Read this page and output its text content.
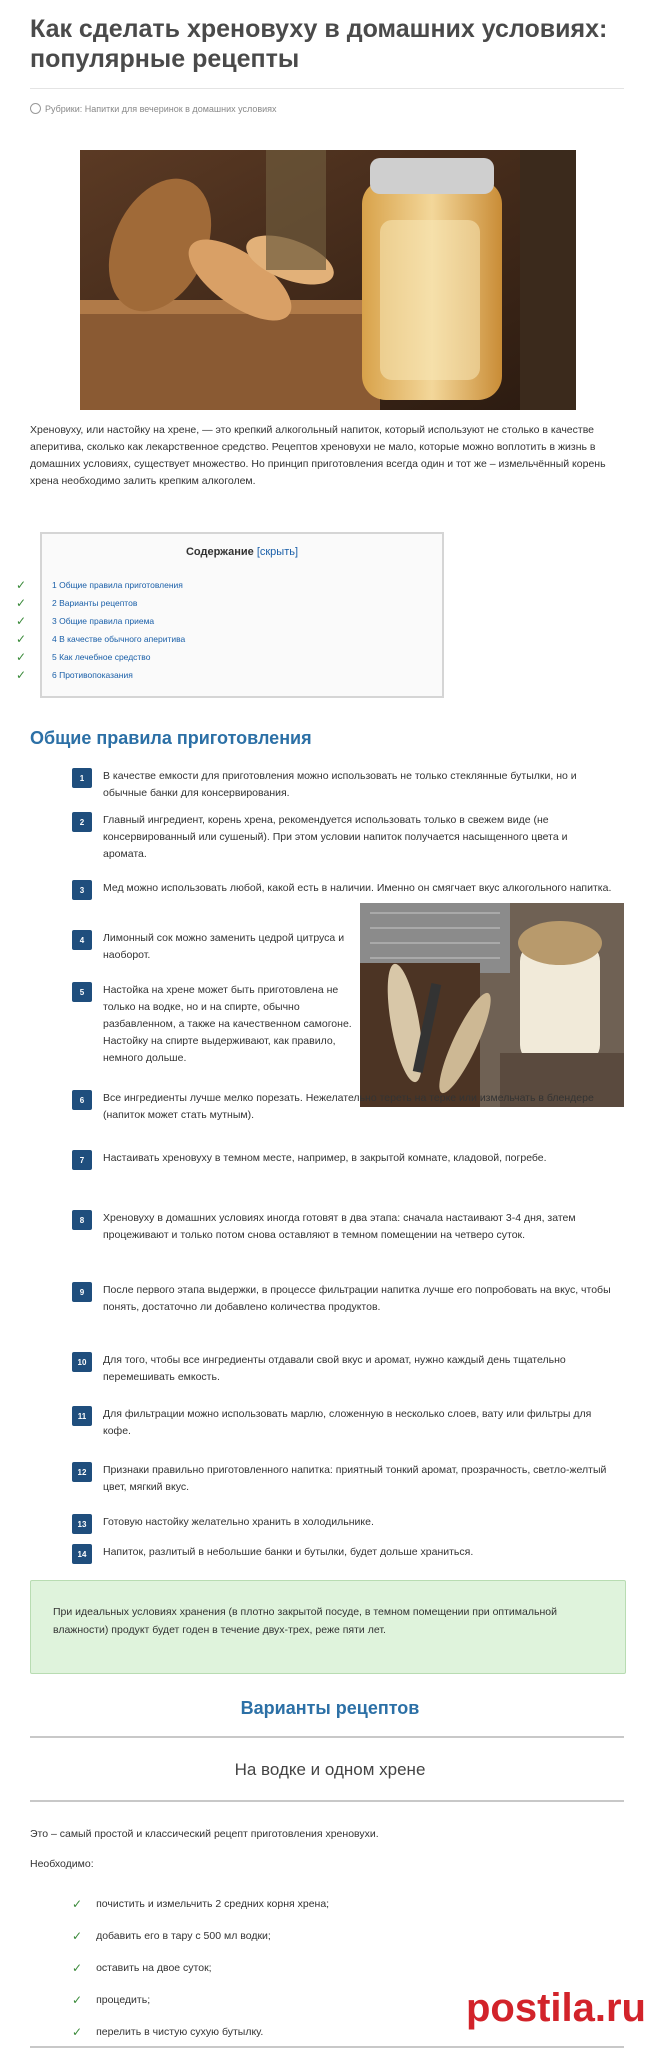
Как сделать хреновуху в домашних условиях: популярные рецепты
Рубрики: Напитки для вечеринок в домашних условиях

Хреновуху, или настойку на хрене, — это крепкий алкогольный напиток, который используют не столько в качестве аперитива, сколько как лекарственное средство. Рецептов хреновухи не мало, которые можно воплотить в жизнь в домашних условиях, существует множество. Но принцип приготовления всегда один и тот же – измельчённый корень хрена необходимо залить крепким алкоголем.

Содержание [скрыть]
✓	1 Общие правила приготовления
✓	2 Варианты рецептов
✓	3 Общие правила приема
✓	4 В качестве обычного аперитива
✓	5 Как лечебное средство
✓	6 Противопоказания
Общие правила приготовления
1	В качестве емкости для приготовления можно использовать не только стеклянные бутылки, но и обычные банки для консервирования.
2	Главный ингредиент, корень хрена, рекомендуется использовать только в свежем виде (не консервированный или сушеный). При этом условии напиток получается насыщенного цвета и аромата.
3	Мед можно использовать любой, какой есть в наличии. Именно он смягчает вкус алкогольного напитка.
4	Лимонный сок можно заменить цедрой цитруса и наоборот.
5	Настойка на хрене может быть приготовлена не только на водке, но и на спирте, обычно разбавленном, а также на качественном самогоне. Настойку на спирте выдерживают, как правило, немного дольше.
6	Все ингредиенты лучше мелко порезать. Нежелательно тереть на терке или измельчать в блендере (напиток может стать мутным).
7	Настаивать хреновуху в темном месте, например, в закрытой комнате, кладовой, погребе.
8	Хреновуху в домашних условиях иногда готовят в два этапа: сначала настаивают 3-4 дня, затем процеживают и только потом снова оставляют в темном помещении на четверо суток.
9	После первого этапа выдержки, в процессе фильтрации напитка лучше его попробовать на вкус, чтобы понять, достаточно ли добавлено количества продуктов.
10	Для того, чтобы все ингредиенты отдавали свой вкус и аромат, нужно каждый день тщательно перемешивать емкость.
11	Для фильтрации можно использовать марлю, сложенную в несколько слоев, вату или фильтры для кофе.
12	Признаки правильно приготовленного напитка: приятный тонкий аромат, прозрачность, светло-желтый цвет, мягкий вкус.
13	Готовую настойку желательно хранить в холодильнике.
14	Напиток, разлитый в небольшие банки и бутылки, будет дольше храниться.

При идеальных условиях хранения (в плотно закрытой посуде, в темном помещении при оптимальной влажности) продукт будет годен в течение двух-трех, реже пяти лет.

Варианты рецептов
На водке и одном хрене

Это – самый простой и классический рецепт приготовления хреновухи.

Необходимо:

✓ почистить и измельчить 2 средних корня хрена;
✓ добавить его в тару с 500 мл водки;
✓ оставить на двое суток;
✓ процедить;
✓ перелить в чистую сухую бутылку.
postila.ru
